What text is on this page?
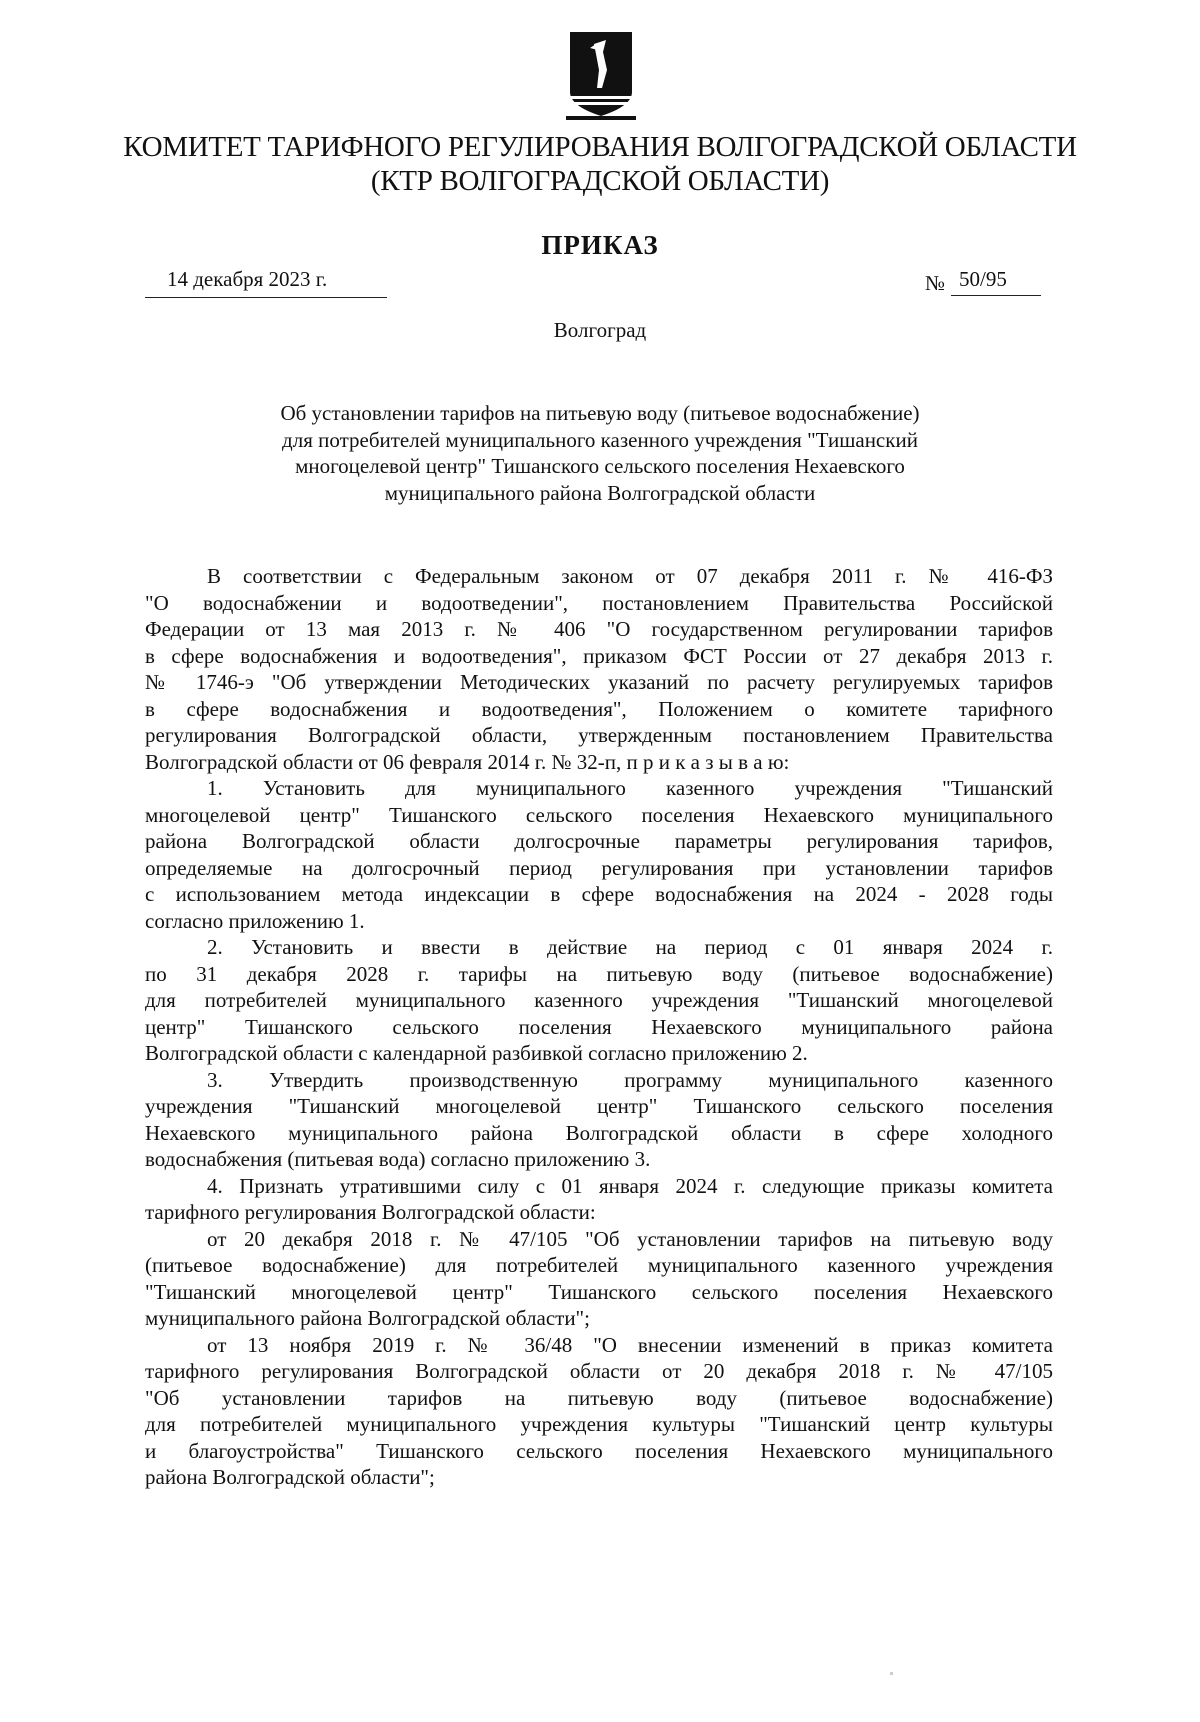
КОМИТЕТ ТАРИФНОГО РЕГУЛИРОВАНИЯ ВОЛГОГРАДСКОЙ ОБЛАСТИ
(КТР ВОЛГОГРАДСКОЙ ОБЛАСТИ)
ПРИКАЗ
14 декабря 2023 г.	№ 50/95
Волгоград
Об установлении тарифов на питьевую воду (питьевое водоснабжение)
для потребителей муниципального казенного учреждения "Тишанский
многоцелевой центр" Тишанского сельского поселения Нехаевского
муниципального района Волгоградской области
В соответствии с Федеральным законом от 07 декабря 2011 г. № 416-ФЗ
"О водоснабжении и водоотведении", постановлением Правительства Российской
Федерации от 13 мая 2013 г. № 406 "О государственном регулировании тарифов
в сфере водоснабжения и водоотведения", приказом ФСТ России от 27 декабря 2013 г.
№ 1746-э "Об утверждении Методических указаний по расчету регулируемых тарифов
в сфере водоснабжения и водоотведения", Положением о комитете тарифного
регулирования Волгоградской области, утвержденным постановлением Правительства
Волгоградской области от 06 февраля 2014 г. № 32-п, п р и к а з ы в а ю:
1. Установить для муниципального казенного учреждения "Тишанский
многоцелевой центр" Тишанского сельского поселения Нехаевского муниципального
района Волгоградской области долгосрочные параметры регулирования тарифов,
определяемые на долгосрочный период регулирования при установлении тарифов
с использованием метода индексации в сфере водоснабжения на 2024 - 2028 годы
согласно приложению 1.
2. Установить и ввести в действие на период с 01 января 2024 г.
по 31 декабря 2028 г. тарифы на питьевую воду (питьевое водоснабжение)
для потребителей муниципального казенного учреждения "Тишанский многоцелевой
центр" Тишанского сельского поселения Нехаевского муниципального района
Волгоградской области с календарной разбивкой согласно приложению 2.
3. Утвердить производственную программу муниципального казенного
учреждения "Тишанский многоцелевой центр" Тишанского сельского поселения
Нехаевского муниципального района Волгоградской области в сфере холодного
водоснабжения (питьевая вода) согласно приложению 3.
4. Признать утратившими силу с 01 января 2024 г. следующие приказы комитета
тарифного регулирования Волгоградской области:
от 20 декабря 2018 г. № 47/105 "Об установлении тарифов на питьевую воду
(питьевое водоснабжение) для потребителей муниципального казенного учреждения
"Тишанский многоцелевой центр" Тишанского сельского поселения Нехаевского
муниципального района Волгоградской области";
от 13 ноября 2019 г. № 36/48 "О внесении изменений в приказ комитета
тарифного регулирования Волгоградской области от 20 декабря 2018 г. № 47/105
"Об установлении тарифов на питьевую воду (питьевое водоснабжение)
для потребителей муниципального учреждения культуры "Тишанский центр культуры
и благоустройства" Тишанского сельского поселения Нехаевского муниципального
района Волгоградской области";
